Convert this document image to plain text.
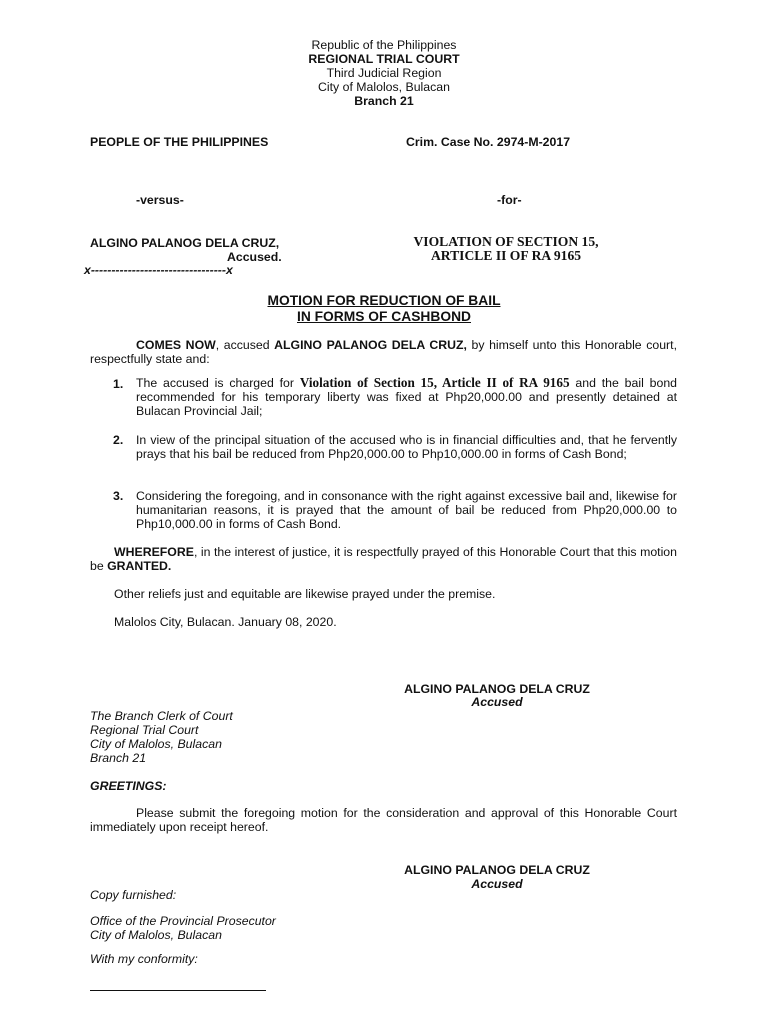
Republic of the Philippines
REGIONAL TRIAL COURT
Third Judicial Region
City of Malolos, Bulacan
Branch 21
PEOPLE OF THE PHILIPPINES	Crim. Case No. 2974-M-2017
-versus-	-for-
ALGINO PALANOG DELA CRUZ,
Accused.
x---------------------------------x
VIOLATION OF SECTION 15,
ARTICLE II OF RA 9165
MOTION FOR REDUCTION OF BAIL
IN FORMS OF CASHBOND
COMES NOW, accused ALGINO PALANOG DELA CRUZ, by himself unto this Honorable court, respectfully state and:
1. The accused is charged for Violation of Section 15, Article II of RA 9165 and the bail bond recommended for his temporary liberty was fixed at Php20,000.00 and presently detained at Bulacan Provincial Jail;
2. In view of the principal situation of the accused who is in financial difficulties and, that he fervently prays that his bail be reduced from Php20,000.00 to Php10,000.00 in forms of Cash Bond;
3. Considering the foregoing, and in consonance with the right against excessive bail and, likewise for humanitarian reasons, it is prayed that the amount of bail be reduced from Php20,000.00 to Php10,000.00 in forms of Cash Bond.
WHEREFORE, in the interest of justice, it is respectfully prayed of this Honorable Court that this motion be GRANTED.
Other reliefs just and equitable are likewise prayed under the premise.
Malolos City, Bulacan. January 08, 2020.
ALGINO PALANOG DELA CRUZ
Accused
The Branch Clerk of Court
Regional Trial Court
City of Malolos, Bulacan
Branch 21
GREETINGS:
Please submit the foregoing motion for the consideration and approval of this Honorable Court immediately upon receipt hereof.
ALGINO PALANOG DELA CRUZ
Accused
Copy furnished:
Office of the Provincial Prosecutor
City of Malolos, Bulacan
With my conformity:
